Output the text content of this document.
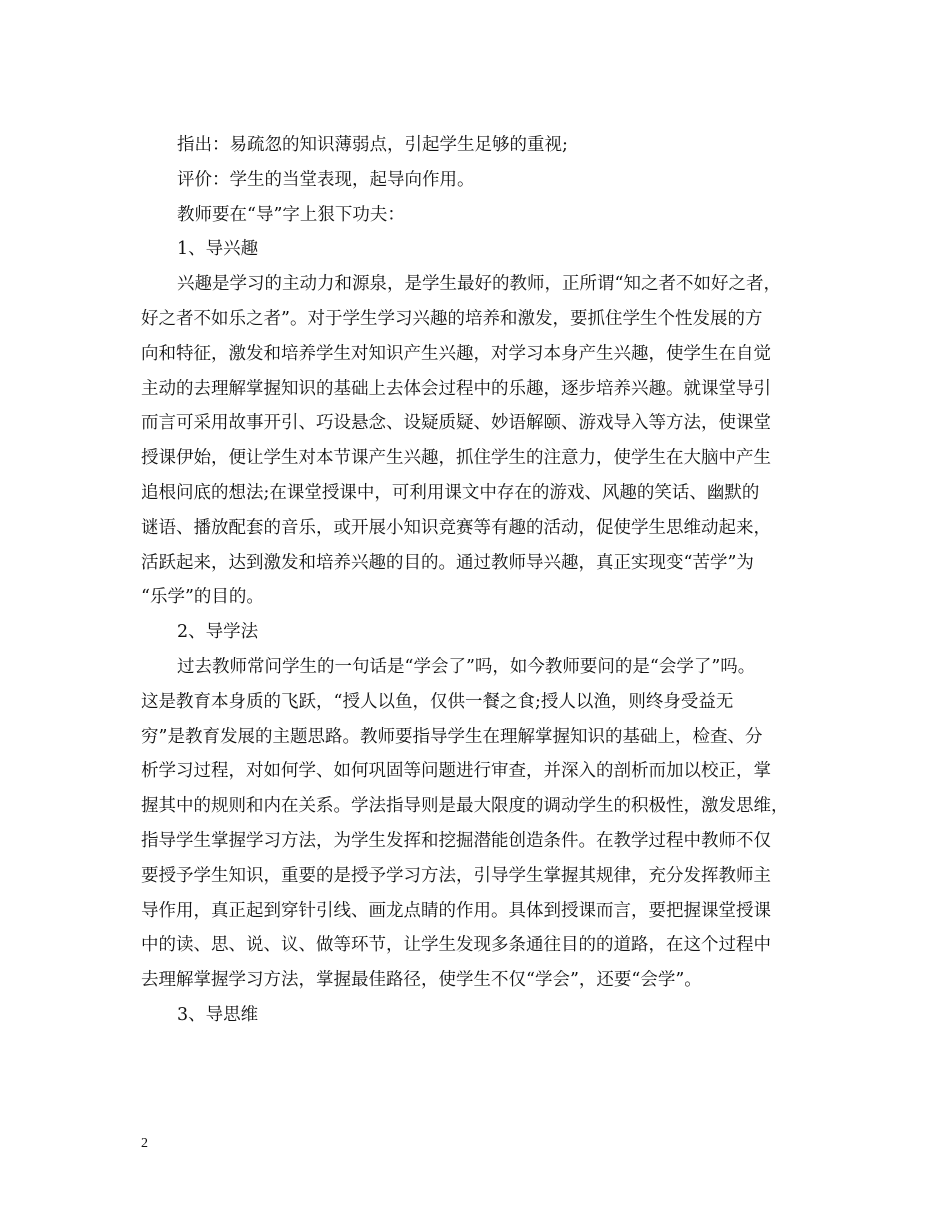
指出：易疏忽的知识薄弱点，引起学生足够的重视;
评价：学生的当堂表现，起导向作用。
教师要在“导”字上狠下功夫：
1、导兴趣
兴趣是学习的主动力和源泉，是学生最好的教师，正所谓“知之者不如好之者，
好之者不如乐之者”。对于学生学习兴趣的培养和激发，要抓住学生个性发展的方
向和特征，激发和培养学生对知识产生兴趣，对学习本身产生兴趣，使学生在自觉
主动的去理解掌握知识的基础上去体会过程中的乐趣，逐步培养兴趣。就课堂导引
而言可采用故事开引、巧设悬念、设疑质疑、妙语解颐、游戏导入等方法，使课堂
授课伊始，便让学生对本节课产生兴趣，抓住学生的注意力，使学生在大脑中产生
追根问底的想法;在课堂授课中，可利用课文中存在的游戏、风趣的笑话、幽默的
谜语、播放配套的音乐，或开展小知识竞赛等有趣的活动，促使学生思维动起来，
活跃起来，达到激发和培养兴趣的目的。通过教师导兴趣，真正实现变“苦学”为
“乐学”的目的。
2、导学法
过去教师常问学生的一句话是“学会了”吗，如今教师要问的是“会学了”吗。
这是教育本身质的飞跃，“授人以鱼，仅供一餐之食;授人以渔，则终身受益无
穷”是教育发展的主题思路。教师要指导学生在理解掌握知识的基础上，检查、分
析学习过程，对如何学、如何巩固等问题进行审查，并深入的剖析而加以校正，掌
握其中的规则和内在关系。学法指导则是最大限度的调动学生的积极性，激发思维，
指导学生掌握学习方法，为学生发挥和挖掘潜能创造条件。在教学过程中教师不仅
要授予学生知识，重要的是授予学习方法，引导学生掌握其规律，充分发挥教师主
导作用，真正起到穿针引线、画龙点睛的作用。具体到授课而言，要把握课堂授课
中的读、思、说、议、做等环节，让学生发现多条通往目的的道路，在这个过程中
去理解掌握学习方法，掌握最佳路径，使学生不仅“学会”，还要“会学”。
3、导思维
2
